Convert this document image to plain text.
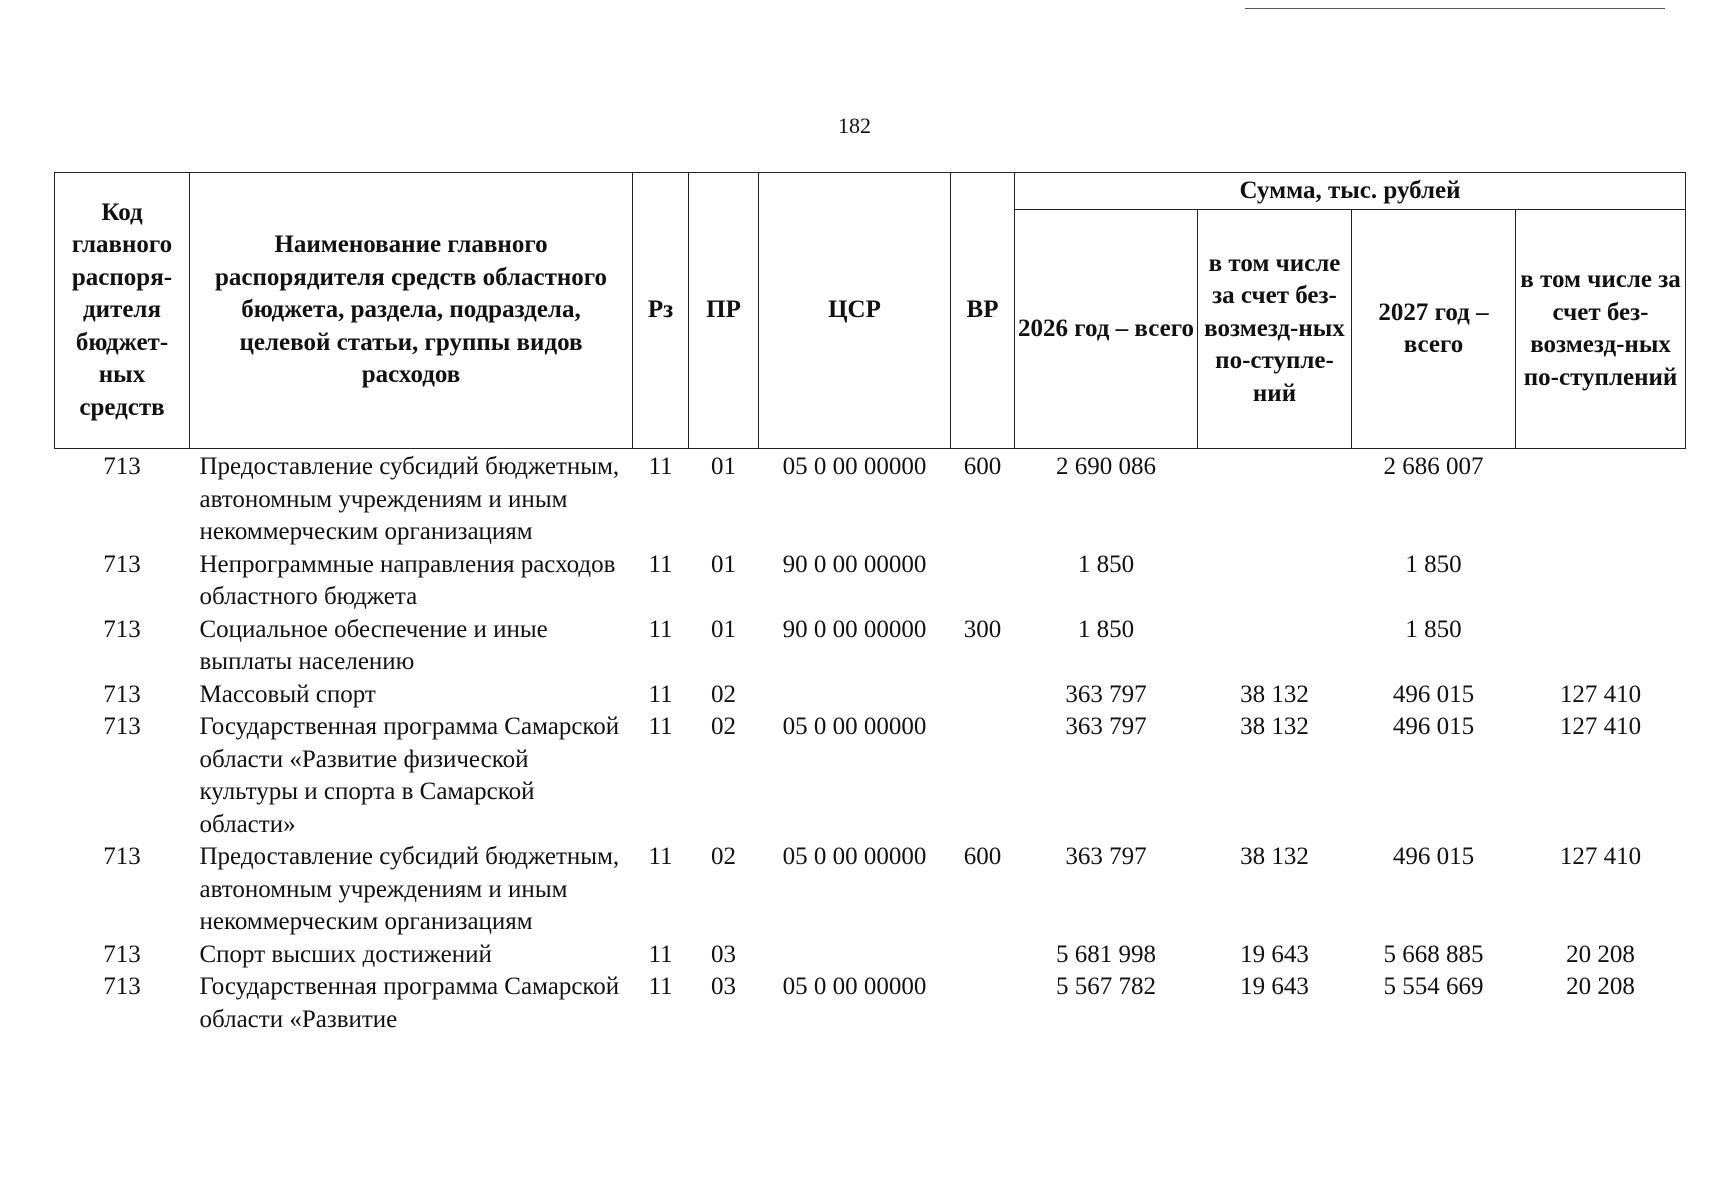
182
Код главного распоря-дителя бюджет-ных средств	Наименование главного распорядителя средств областного бюджета, раздела, подраздела, целевой статьи, группы видов расходов	Рз	ПР	ЦСР	ВР	Сумма, тыс. рублей			
						2026 год – всего	в том числе за счет без-возмезд-ных по-ступле-ний	2027 год – всего	в том числе за счет без-возмезд-ных по-ступлений
713	Предоставление субсидий бюджетным, автономным учреждениям и иным некоммерческим организациям	11	01	05 0 00 00000	600	2 690 086		2 686 007	
713	Непрограммные направления расходов областного бюджета	11	01	90 0 00 00000		1 850		1 850	
713	Социальное обеспечение и иные выплаты населению	11	01	90 0 00 00000	300	1 850		1 850	
713	Массовый спорт	11	02			363 797	38 132	496 015	127 410
713	Государственная программа Самарской области «Развитие физической культуры и спорта в Самарской области»	11	02	05 0 00 00000		363 797	38 132	496 015	127 410
713	Предоставление субсидий бюджетным, автономным учреждениям и иным некоммерческим организациям	11	02	05 0 00 00000	600	363 797	38 132	496 015	127 410
713	Спорт высших достижений	11	03			5 681 998	19 643	5 668 885	20 208
713	Государственная программа Самарской области «Развитие	11	03	05 0 00 00000		5 567 782	19 643	5 554 669	20 208
